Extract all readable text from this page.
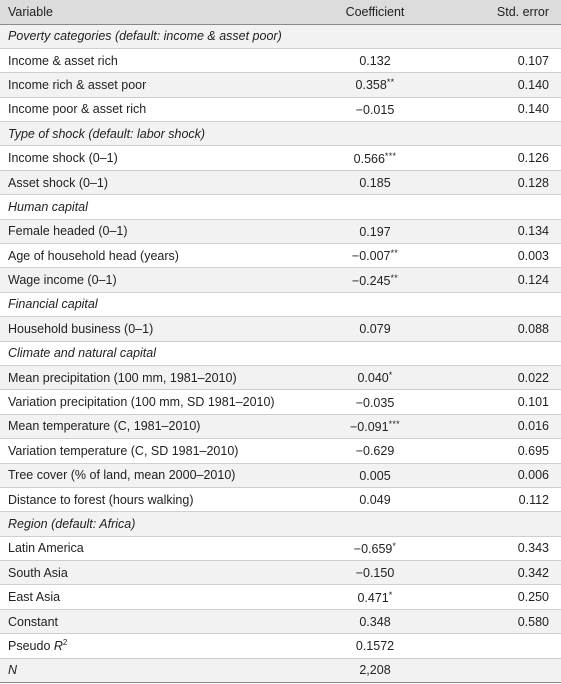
Variable	Coefficient	Std. error
Poverty categories (default: income & asset poor)		
Income & asset rich	0.132	0.107
Income rich & asset poor	0.358**	0.140
Income poor & asset rich	−0.015	0.140
Type of shock (default: labor shock)		
Income shock (0–1)	0.566***	0.126
Asset shock (0–1)	0.185	0.128
Human capital		
Female headed (0–1)	0.197	0.134
Age of household head (years)	−0.007**	0.003
Wage income (0–1)	−0.245**	0.124
Financial capital		
Household business (0–1)	0.079	0.088
Climate and natural capital		
Mean precipitation (100 mm, 1981–2010)	0.040*	0.022
Variation precipitation (100 mm, SD 1981–2010)	−0.035	0.101
Mean temperature (C, 1981–2010)	−0.091***	0.016
Variation temperature (C, SD 1981–2010)	−0.629	0.695
Tree cover (% of land, mean 2000–2010)	0.005	0.006
Distance to forest (hours walking)	0.049	0.112
Region (default: Africa)		
Latin America	−0.659*	0.343
South Asia	−0.150	0.342
East Asia	0.471*	0.250
Constant	0.348	0.580
Pseudo $R^2$	0.1572	
N	2,208	
